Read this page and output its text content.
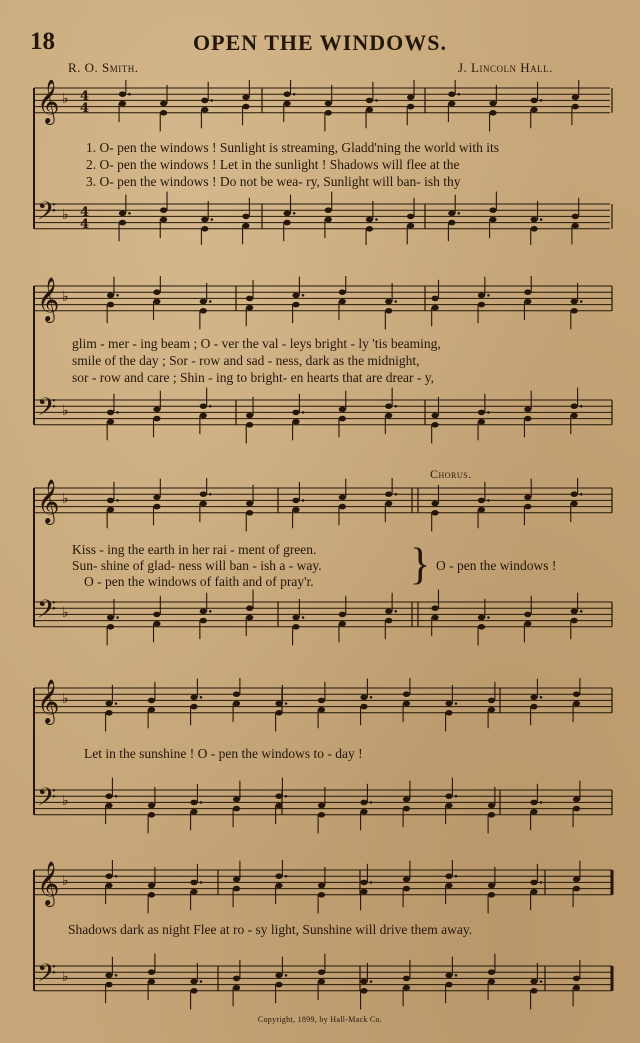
18	OPEN THE WINDOWS.
R. O. Smith.	J. Lincoln Hall.
𝄞 ♭ 4
4
𝄢 ♭ 4
4
1. O- pen the windows ! Sunlight is streaming, Gladd'ning the world with its
2. O- pen the windows ! Let in the sunlight ! Shadows will flee at the
3. O- pen the windows ! Do not be wea- ry, Sunlight will ban- ish thy
𝄞 ♭
𝄢 ♭
glim - mer - ing beam ; O - ver the val - leys bright - ly 'tis beaming,
smile of the day ; Sor - row and sad - ness, dark as the midnight,
sor - row and care ; Shin - ing to bright- en hearts that are drear - y,
𝄞 ♭
𝄢 ♭
Kiss - ing the earth in her rai - ment of green.
Sun- shine of glad- ness will ban - ish a - way.
O - pen the windows of faith and of pray'r.
O - pen the windows !
Chorus.
}
𝄞 ♭
𝄢 ♭
Let in the sunshine ! O - pen the windows to - day !
𝄞 ♭
𝄢 ♭
Shadows dark as night Flee at ro - sy light, Sunshine will drive them away.
Copyright, 1899, by Hall-Mack Co.
